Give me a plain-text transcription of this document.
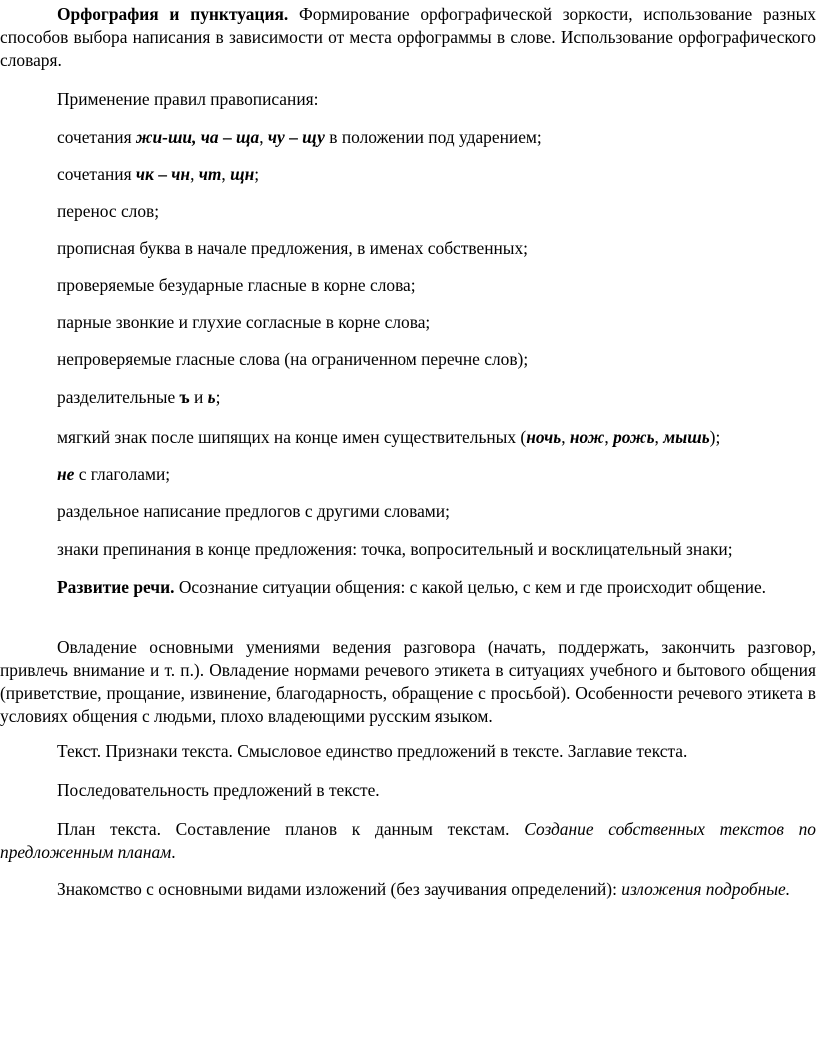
Орфография и пунктуация. Формирование орфографической зоркости, использование разных способов выбора написания в зависимости от места орфограммы в слове. Использование орфографического словаря.

Применение правил правописания:

сочетания жи-ши, ча – ща, чу – щу в положении под ударением;

сочетания чк – чн, чт, щн;

перенос слов;

прописная буква в начале предложения, в именах собственных;

проверяемые безударные гласные в корне слова;

парные звонкие и глухие согласные в корне слова;

непроверяемые гласные слова (на ограниченном перечне слов);

разделительные ъ и ь;

мягкий знак после шипящих на конце имен существительных (ночь, нож, рожь, мышь);

не с глаголами;

раздельное написание предлогов с другими словами;

знаки препинания в конце предложения: точка, вопросительный и восклицательный знаки;

Развитие речи. Осознание ситуации общения: с какой целью, с кем и где происходит общение.

Овладение основными умениями ведения разговора (начать, поддержать, закончить разговор, привлечь внимание и т. п.). Овладение нормами речевого этикета в ситуациях учебного и бытового общения (приветствие, прощание, извинение, благодарность, обращение с просьбой). Особенности речевого этикета в условиях общения с людьми, плохо владеющими русским языком.

Текст. Признаки текста. Смысловое единство предложений в тексте. Заглавие текста.

Последовательность предложений в тексте.

План текста. Составление планов к данным текстам. Создание собственных текстов по предложенным планам.

Знакомство с основными видами изложений (без заучивания определений): изложения подробные.
